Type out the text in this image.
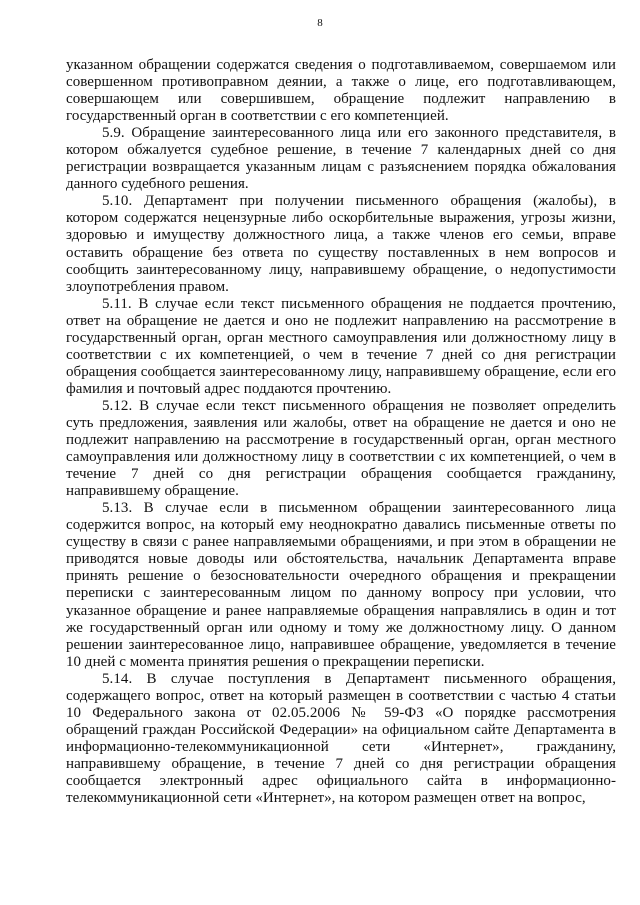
8

указанном обращении содержатся сведения о подготавливаемом, совершаемом или совершенном противоправном деянии, а также о лице, его подготавливающем, совершающем или совершившем, обращение подлежит направлению в государственный орган в соответствии с его компетенцией.

5.9. Обращение заинтересованного лица или его законного представителя, в котором обжалуется судебное решение, в течение 7 календарных дней со дня регистрации возвращается указанным лицам с разъяснением порядка обжалования данного судебного решения.

5.10. Департамент при получении письменного обращения (жалобы), в котором содержатся нецензурные либо оскорбительные выражения, угрозы жизни, здоровью и имуществу должностного лица, а также членов его семьи, вправе оставить обращение без ответа по существу поставленных в нем вопросов и сообщить заинтересованному лицу, направившему обращение, о недопустимости злоупотребления правом.

5.11. В случае если текст письменного обращения не поддается прочтению, ответ на обращение не дается и оно не подлежит направлению на рассмотрение в государственный орган, орган местного самоуправления или должностному лицу в соответствии с их компетенцией, о чем в течение 7 дней со дня регистрации обращения сообщается заинтересованному лицу, направившему обращение, если его фамилия и почтовый адрес поддаются прочтению.

5.12. В случае если текст письменного обращения не позволяет определить суть предложения, заявления или жалобы, ответ на обращение не дается и оно не подлежит направлению на рассмотрение в государственный орган, орган местного самоуправления или должностному лицу в соответствии с их компетенцией, о чем в течение 7 дней со дня регистрации обращения сообщается гражданину, направившему обращение.

5.13. В случае если в письменном обращении заинтересованного лица содержится вопрос, на который ему неоднократно давались письменные ответы по существу в связи с ранее направляемыми обращениями, и при этом в обращении не приводятся новые доводы или обстоятельства, начальник Департамента вправе принять решение о безосновательности очередного обращения и прекращении переписки с заинтересованным лицом по данному вопросу при условии, что указанное обращение и ранее направляемые обращения направлялись в один и тот же государственный орган или одному и тому же должностному лицу. О данном решении заинтересованное лицо, направившее обращение, уведомляется в течение 10 дней с момента принятия решения о прекращении переписки.

5.14. В случае поступления в Департамент письменного обращения, содержащего вопрос, ответ на который размещен в соответствии с частью 4 статьи 10 Федерального закона от 02.05.2006 № 59-ФЗ «О порядке рассмотрения обращений граждан Российской Федерации» на официальном сайте Департамента в информационно-телекоммуникационной сети «Интернет», гражданину, направившему обращение, в течение 7 дней со дня регистрации обращения сообщается электронный адрес официального сайта в информационно-телекоммуникационной сети «Интернет», на котором размещен ответ на вопрос,
